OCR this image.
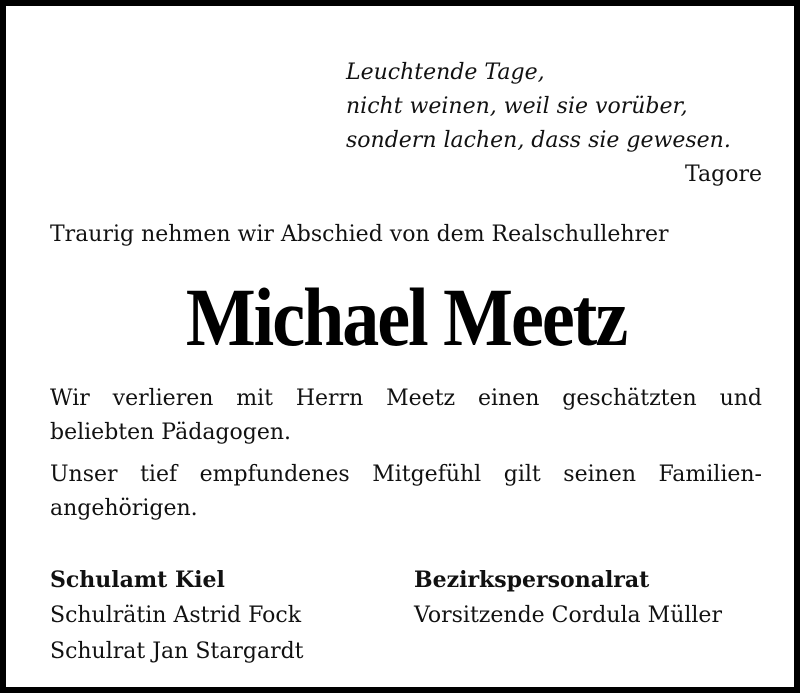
Leuchtende Tage,
nicht weinen, weil sie vorüber,
sondern lachen, dass sie gewesen.
Tagore
Traurig nehmen wir Abschied von dem Realschullehrer
Michael Meetz
Wir verlieren mit Herrn Meetz einen geschätzten und
beliebten Pädagogen.
Unser tief empfundenes Mitgefühl gilt seinen Familien-
angehörigen.
Schulamt Kiel
Schulrätin Astrid Fock
Schulrat Jan Stargardt
Bezirkspersonalrat
Vorsitzende Cordula Müller
